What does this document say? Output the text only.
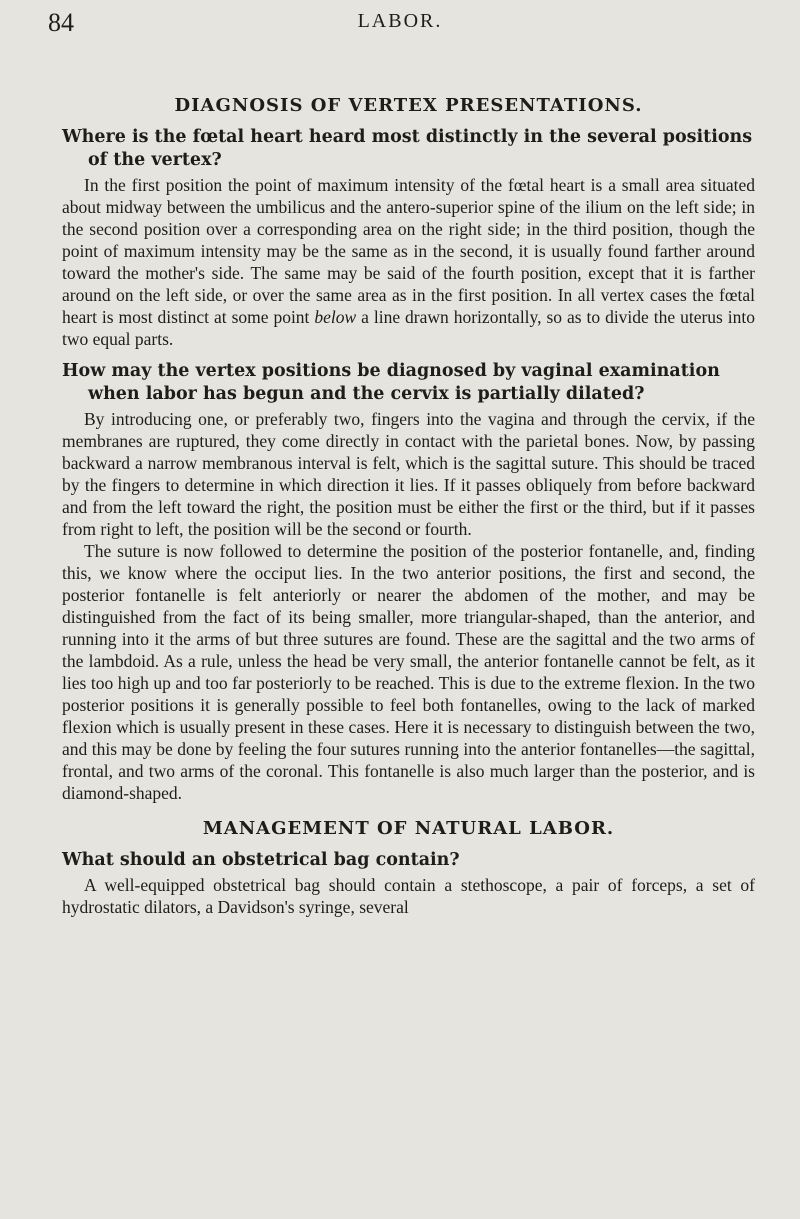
84	LABOR.
DIAGNOSIS OF VERTEX PRESENTATIONS.

Where is the fœtal heart heard most distinctly in the several positions of the vertex?

In the first position the point of maximum intensity of the fœtal heart is a small area situated about midway between the umbilicus and the antero-superior spine of the ilium on the left side; in the second position over a corresponding area on the right side; in the third position, though the point of maximum intensity may be the same as in the second, it is usually found farther around toward the mother's side. The same may be said of the fourth position, except that it is farther around on the left side, or over the same area as in the first position. In all vertex cases the fœtal heart is most distinct at some point below a line drawn horizontally, so as to divide the uterus into two equal parts.

How may the vertex positions be diagnosed by vaginal examination when labor has begun and the cervix is partially dilated?

By introducing one, or preferably two, fingers into the vagina and through the cervix, if the membranes are ruptured, they come directly in contact with the parietal bones. Now, by passing backward a narrow membranous interval is felt, which is the sagittal suture. This should be traced by the fingers to determine in which direction it lies. If it passes obliquely from before backward and from the left toward the right, the position must be either the first or the third, but if it passes from right to left, the position will be the second or fourth.

The suture is now followed to determine the position of the posterior fontanelle, and, finding this, we know where the occiput lies. In the two anterior positions, the first and second, the posterior fontanelle is felt anteriorly or nearer the abdomen of the mother, and may be distinguished from the fact of its being smaller, more triangular-shaped, than the anterior, and running into it the arms of but three sutures are found. These are the sagittal and the two arms of the lambdoid. As a rule, unless the head be very small, the anterior fontanelle cannot be felt, as it lies too high up and too far posteriorly to be reached. This is due to the extreme flexion. In the two posterior positions it is generally possible to feel both fontanelles, owing to the lack of marked flexion which is usually present in these cases. Here it is necessary to distinguish between the two, and this may be done by feeling the four sutures running into the anterior fontanelles—the sagittal, frontal, and two arms of the coronal. This fontanelle is also much larger than the posterior, and is diamond-shaped.

MANAGEMENT OF NATURAL LABOR.

What should an obstetrical bag contain?

A well-equipped obstetrical bag should contain a stethoscope, a pair of forceps, a set of hydrostatic dilators, a Davidson's syringe, several
